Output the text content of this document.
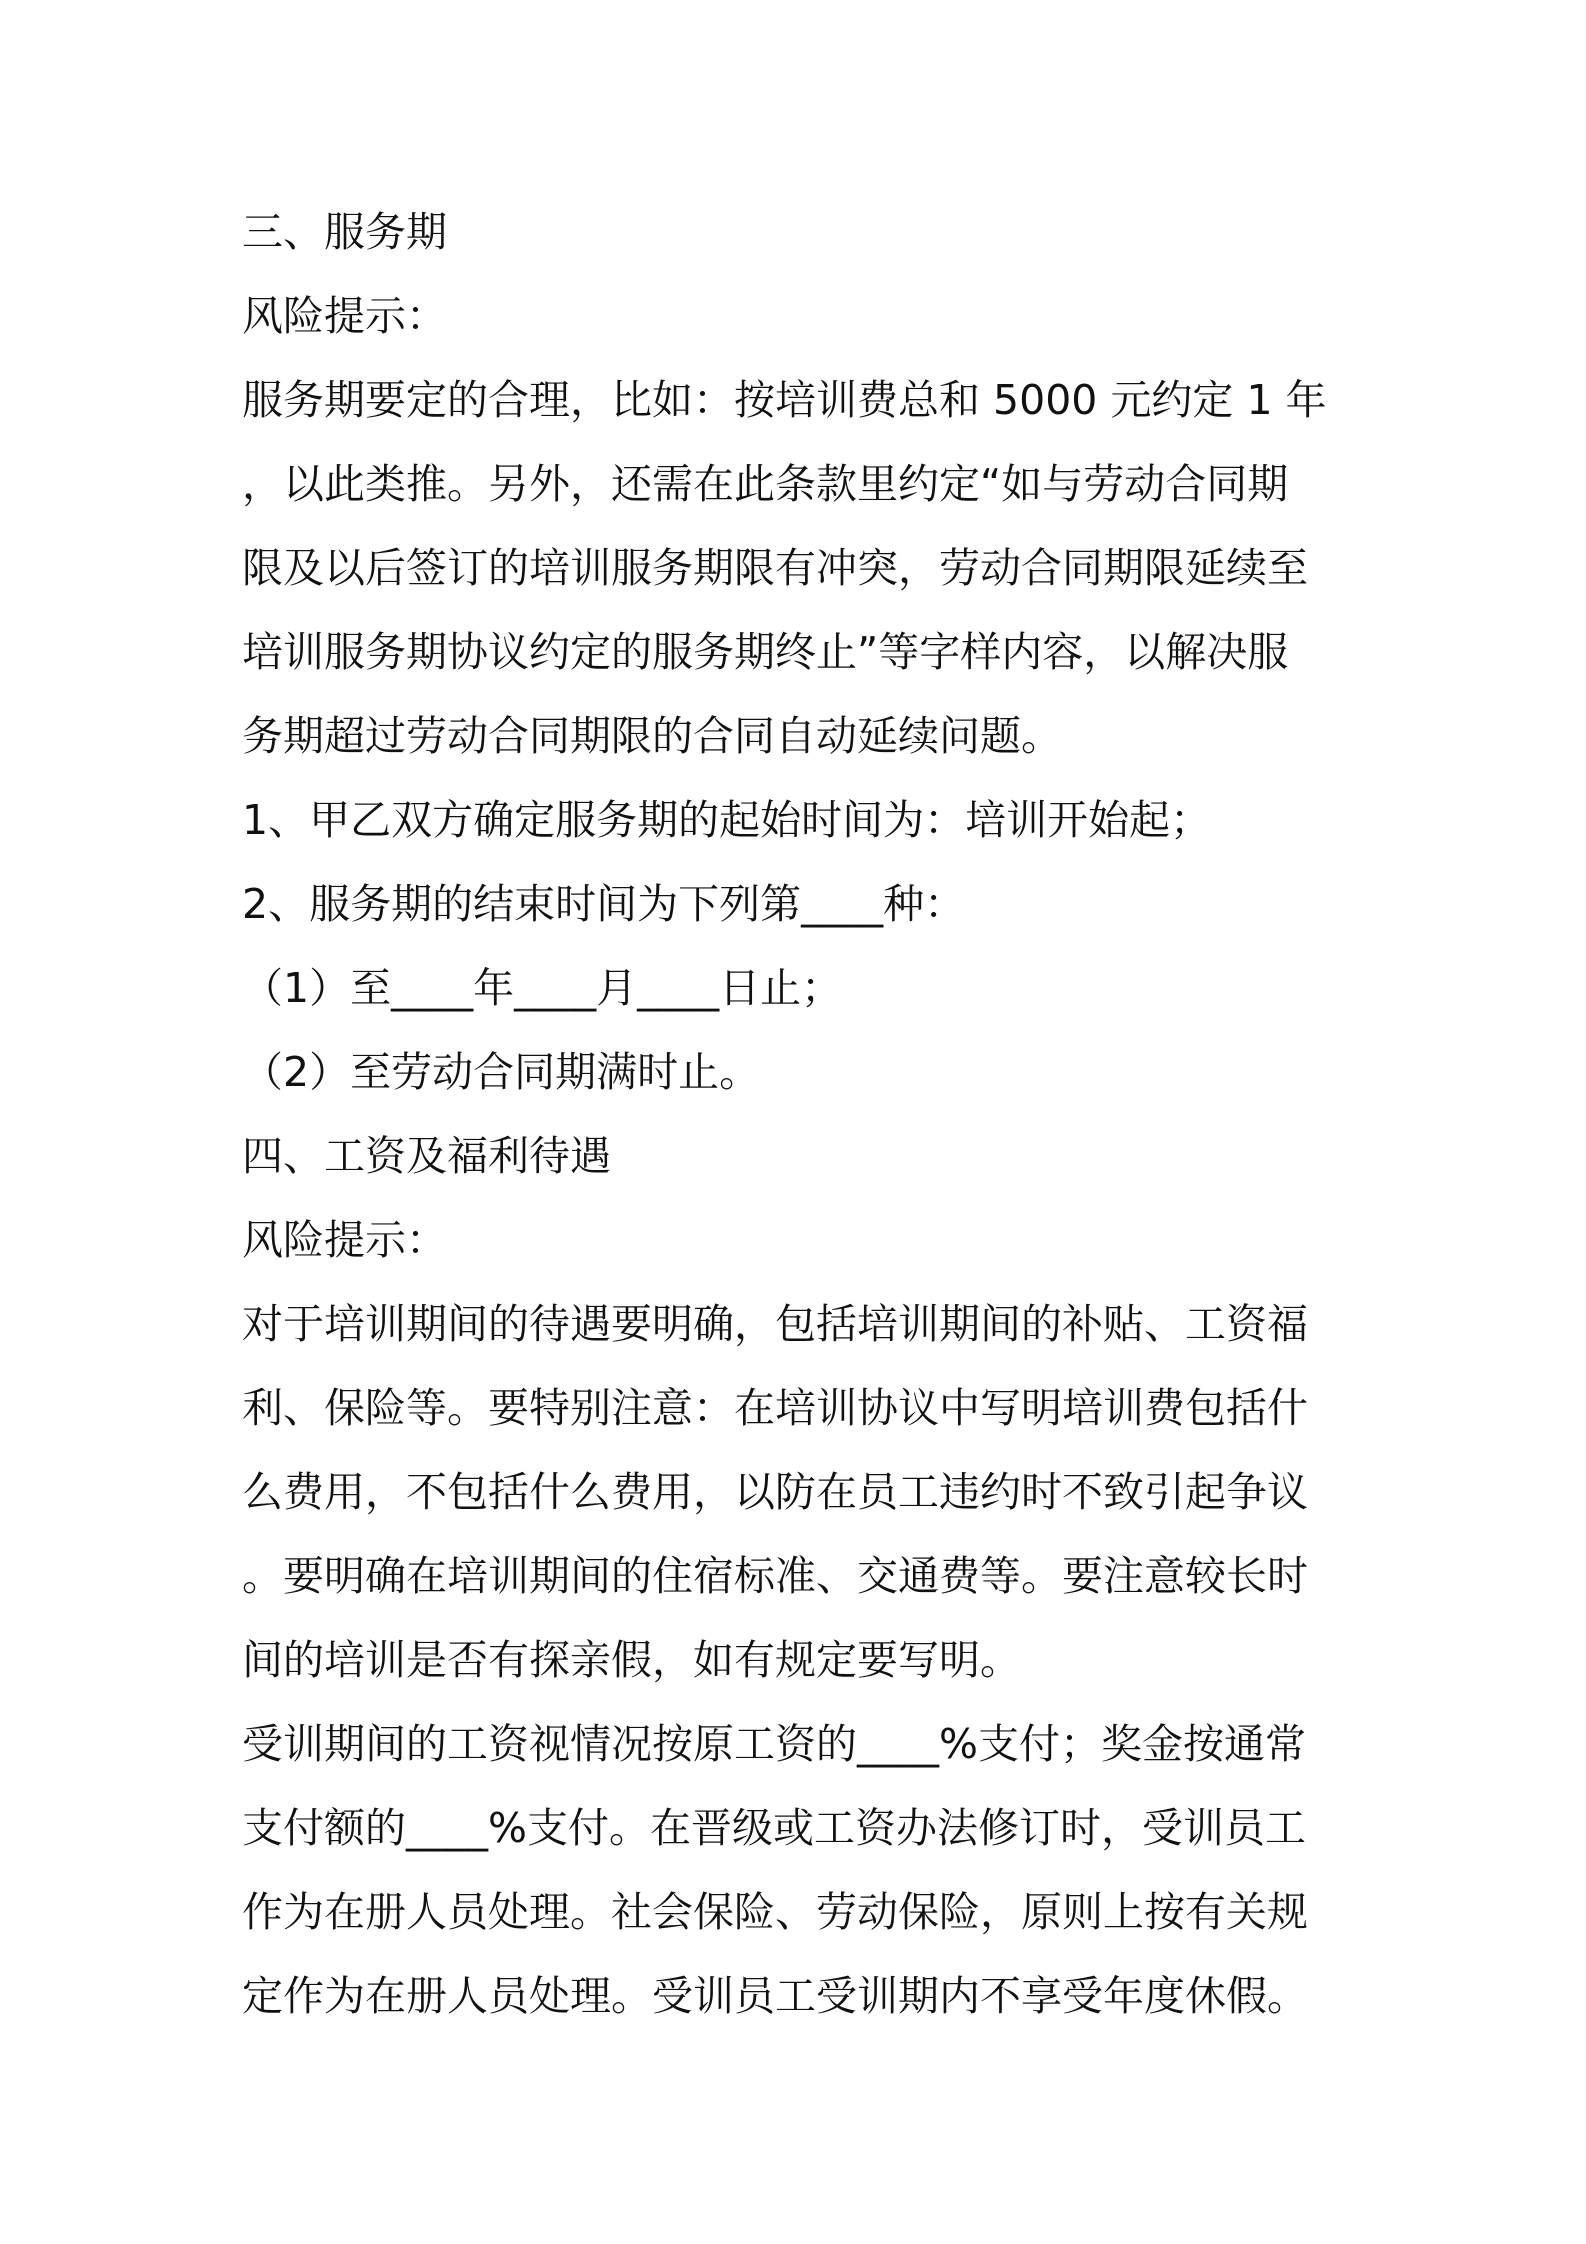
三、服务期
风险提示：
服务期要定的合理，比如：按培训费总和 5000 元约定 1 年
，以此类推。另外，还需在此条款里约定“如与劳动合同期
限及以后签订的培训服务期限有冲突，劳动合同期限延续至
培训服务期协议约定的服务期终止”等字样内容，以解决服
务期超过劳动合同期限的合同自动延续问题。
1、甲乙双方确定服务期的起始时间为：培训开始起；
2、服务期的结束时间为下列第____种：
（1）至____年____月____日止；
（2）至劳动合同期满时止。
四、工资及福利待遇
风险提示：
对于培训期间的待遇要明确，包括培训期间的补贴、工资福
利、保险等。要特别注意：在培训协议中写明培训费包括什
么费用，不包括什么费用，以防在员工违约时不致引起争议
。要明确在培训期间的住宿标准、交通费等。要注意较长时
间的培训是否有探亲假，如有规定要写明。
受训期间的工资视情况按原工资的____%支付；奖金按通常
支付额的____%支付。在晋级或工资办法修订时，受训员工
作为在册人员处理。社会保险、劳动保险，原则上按有关规
定作为在册人员处理。受训员工受训期内不享受年度休假。
